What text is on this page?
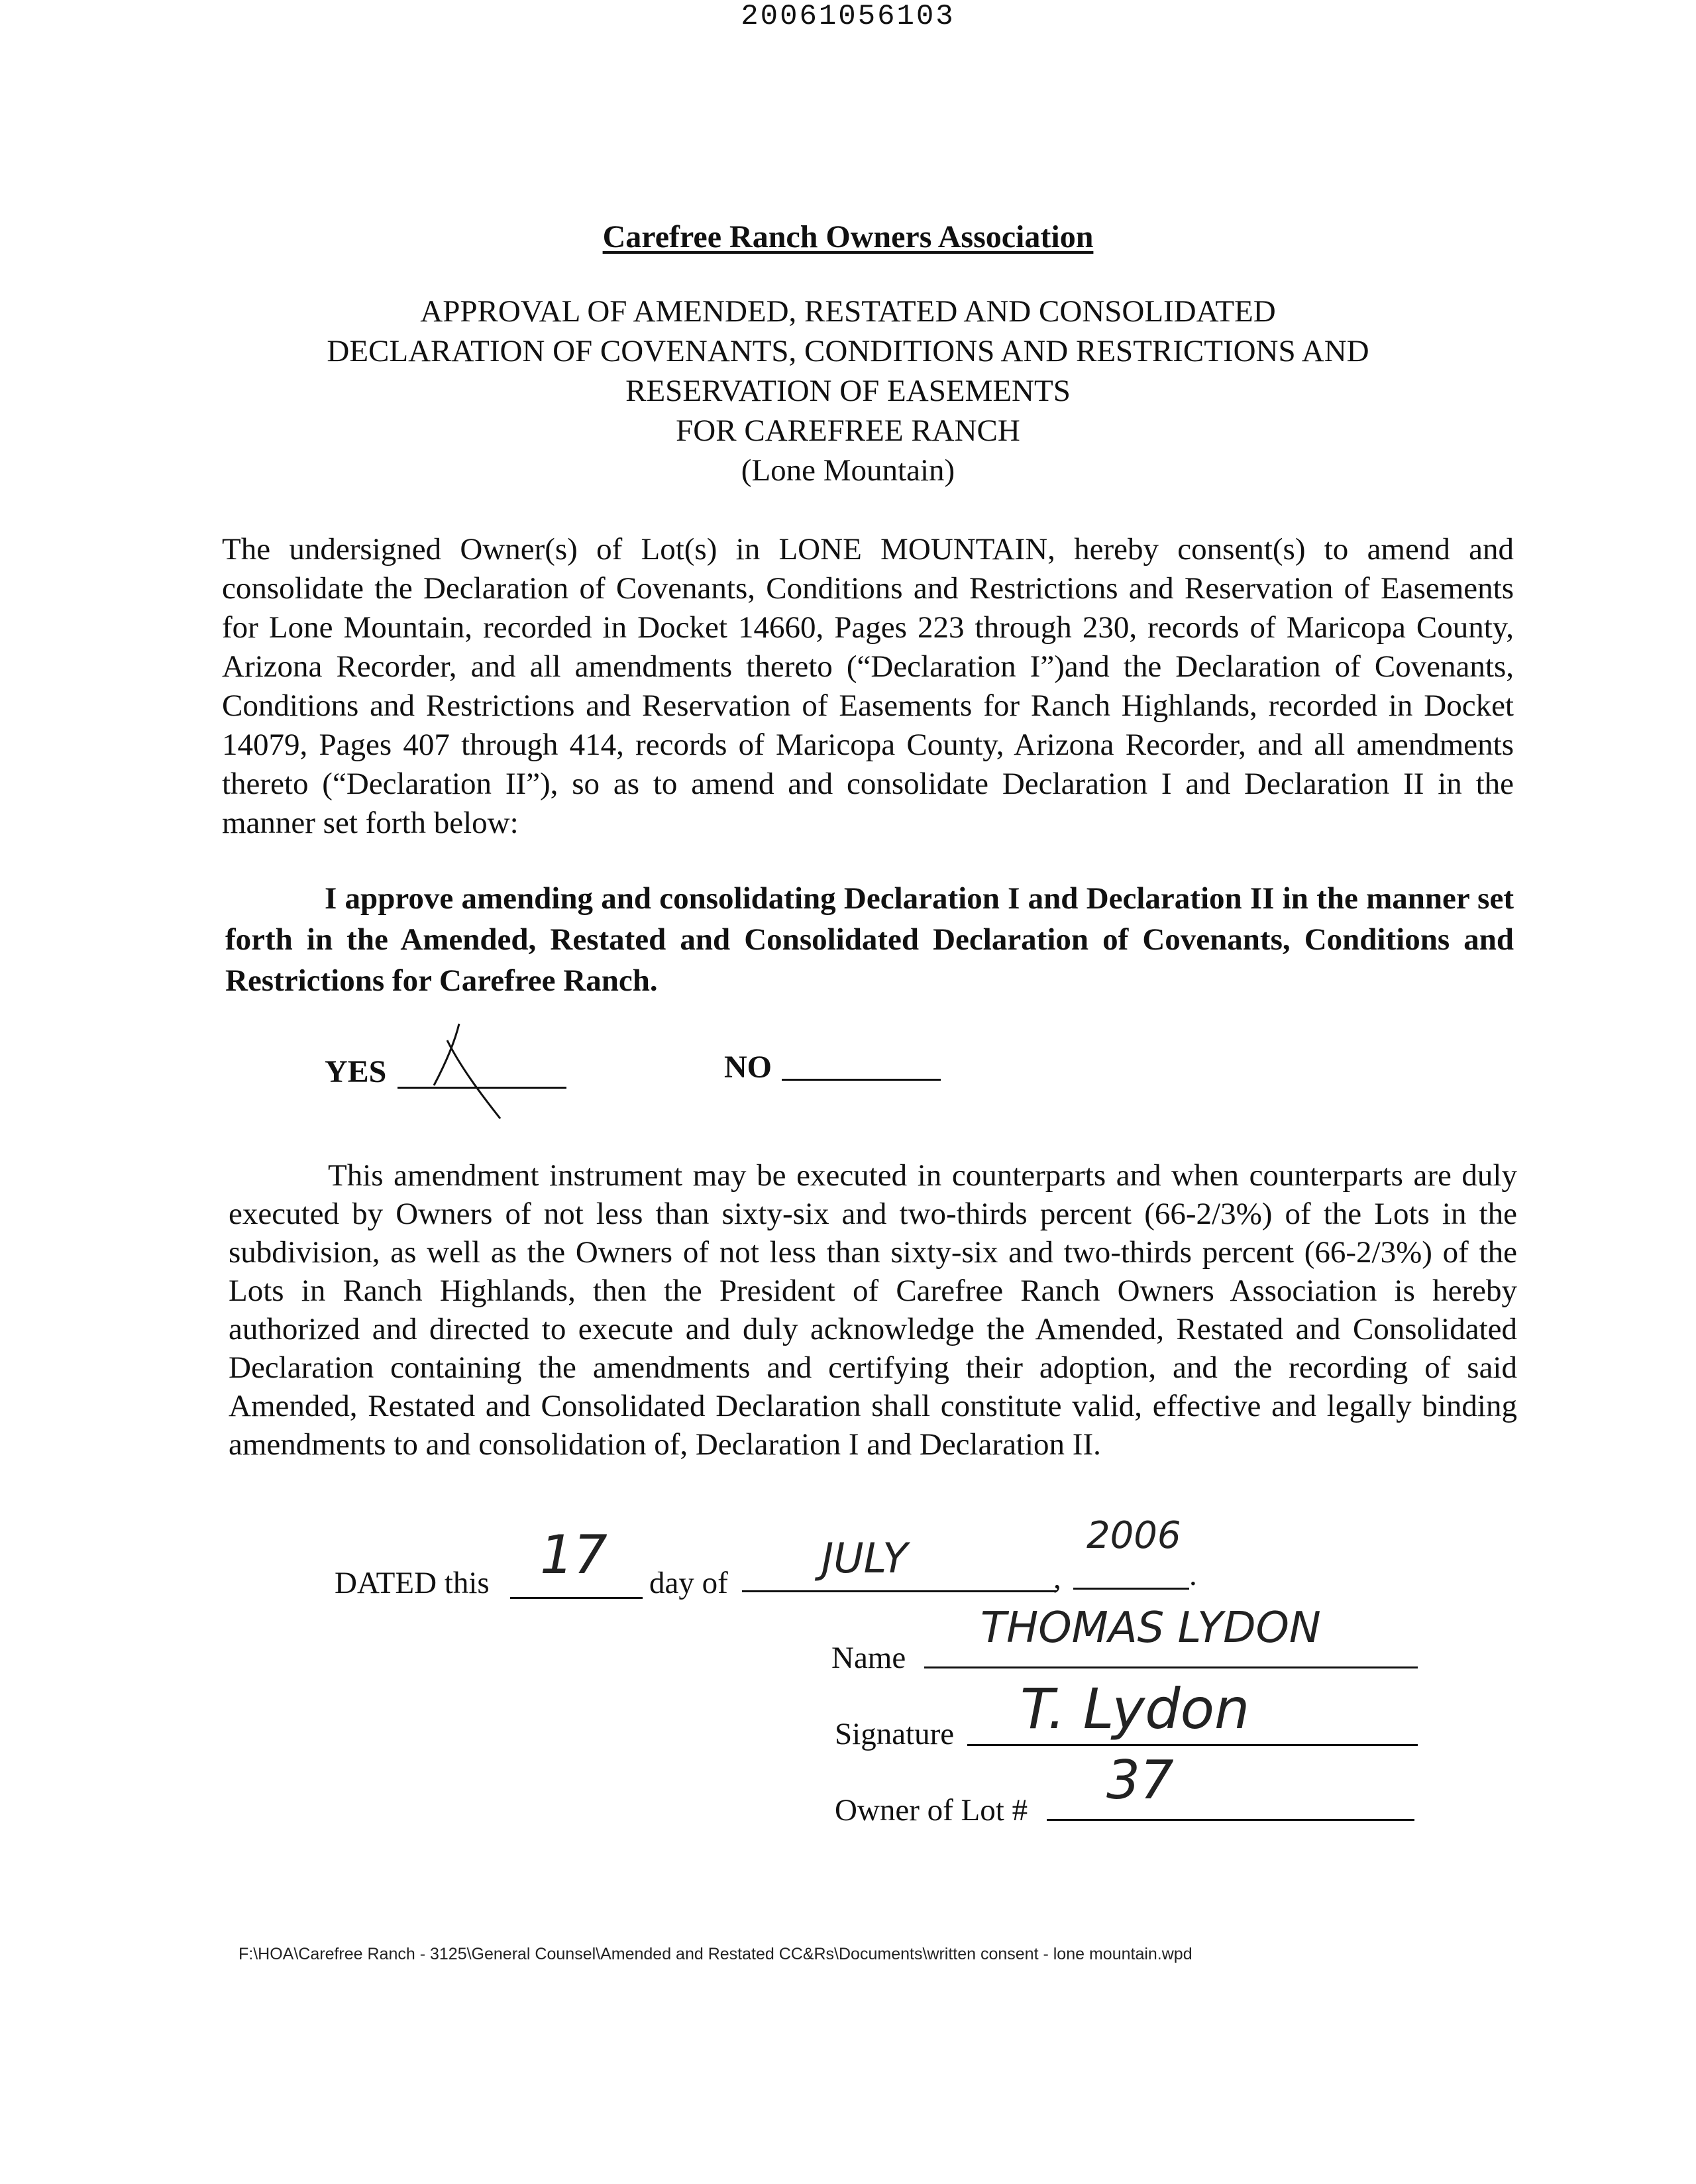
20061056103
Carefree Ranch Owners Association
APPROVAL OF AMENDED, RESTATED AND CONSOLIDATED
DECLARATION OF COVENANTS, CONDITIONS AND RESTRICTIONS AND
RESERVATION OF EASEMENTS
FOR CAREFREE RANCH
(Lone Mountain)
The undersigned Owner(s) of Lot(s) in LONE MOUNTAIN, hereby consent(s) to amend and consolidate the Declaration of Covenants, Conditions and Restrictions and Reservation of Easements for Lone Mountain, recorded in Docket 14660, Pages 223 through 230, records of Maricopa County, Arizona Recorder, and all amendments thereto (“Declaration I”)and the Declaration of Covenants, Conditions and Restrictions and Reservation of Easements for Ranch Highlands, recorded in Docket 14079, Pages 407 through 414, records of Maricopa County, Arizona Recorder, and all amendments thereto (“Declaration II”), so as to amend and consolidate Declaration I and Declaration II in the manner set forth below:
I approve amending and consolidating Declaration I and Declaration II in the manner set forth in the Amended, Restated and Consolidated Declaration of Covenants, Conditions and Restrictions for Carefree Ranch.
YES	NO
This amendment instrument may be executed in counterparts and when counterparts are duly executed by Owners of not less than sixty-six and two-thirds percent (66-2/3%) of the Lots in the subdivision, as well as the Owners of not less than sixty-six and two-thirds percent (66-2/3%) of the Lots in Ranch Highlands, then the President of Carefree Ranch Owners Association is hereby authorized and directed to execute and duly acknowledge the Amended, Restated and Consolidated Declaration containing the amendments and certifying their adoption, and the recording of said Amended, Restated and Consolidated Declaration shall constitute valid, effective and legally binding amendments to and consolidation of, Declaration I and Declaration II.
DATED this 17 day of
JULY	,
2006
.
Name
THOMAS LYDON
Signature T. Lydon
Owner of Lot # 37
F:\HOA\Carefree Ranch - 3125\General Counsel\Amended and Restated CC&Rs\Documents\written consent - lone mountain.wpd
